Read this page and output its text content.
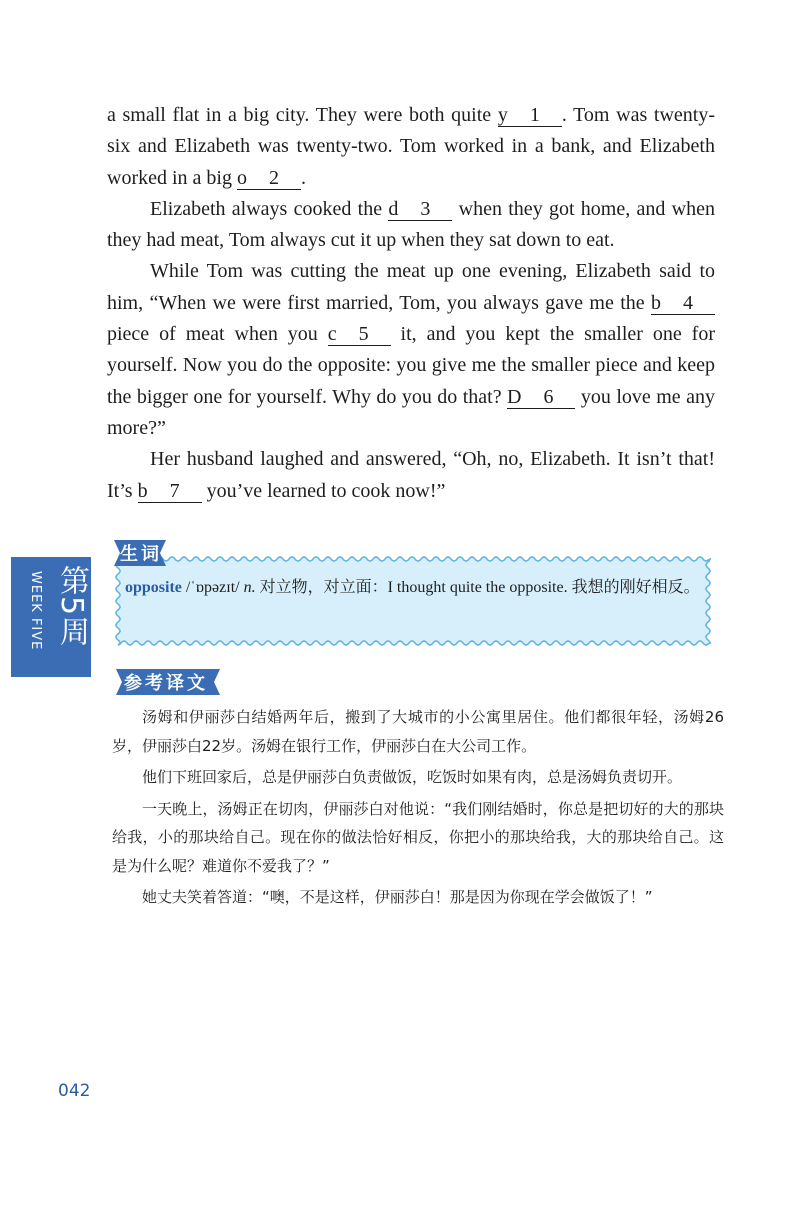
a small flat in a big city. They were both quite y 1 . Tom was twenty-six and Elizabeth was twenty-two. Tom worked in a bank, and Elizabeth worked in a big o 2 .

Elizabeth always cooked the d 3 when they got home, and when they had meat, Tom always cut it up when they sat down to eat.

While Tom was cutting the meat up one evening, Elizabeth said to him, “When we were first married, Tom, you always gave me the b 4 piece of meat when you c 5 it, and you kept the smaller one for yourself. Now you do the opposite: you give me the smaller piece and keep the bigger one for yourself. Why do you do that? D 6 you love me any more?”

Her husband laughed and answered, “Oh, no, Elizabeth. It isn’t that! It’s b 7 you’ve learned to cook now!”

第5周
WEEK FIVE	opposite /ˈɒpəzɪt/ n. 对立物，对立面：I thought quite the opposite. 我想的刚好相反。
生词
参考译文

汤姆和伊丽莎白结婚两年后，搬到了大城市的小公寓里居住。他们都很年轻，汤姆26岁，伊丽莎白22岁。汤姆在银行工作，伊丽莎白在大公司工作。

他们下班回家后，总是伊丽莎白负责做饭，吃饭时如果有肉，总是汤姆负责切开。

一天晚上，汤姆正在切肉，伊丽莎白对他说：“我们刚结婚时，你总是把切好的大的那块给我，小的那块给自己。现在你的做法恰好相反，你把小的那块给我，大的那块给自己。这是为什么呢？难道你不爱我了？”

她丈夫笑着答道：“噢，不是这样，伊丽莎白！那是因为你现在学会做饭了！”

042
